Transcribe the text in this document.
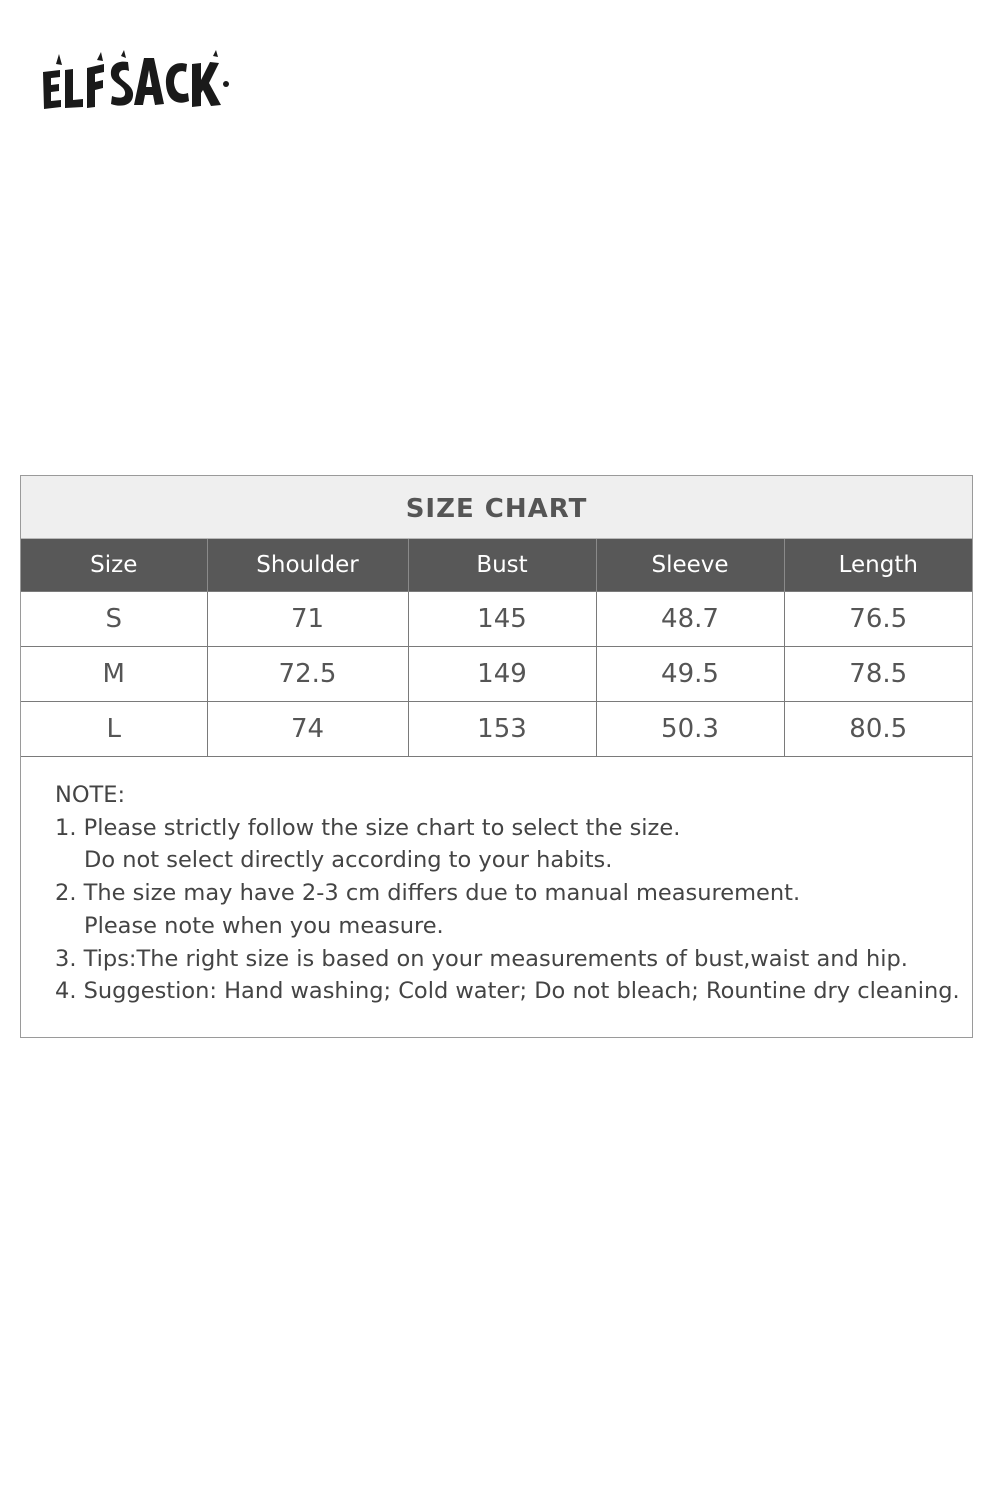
SIZE CHART
Size	Shoulder	Bust	Sleeve	Length
S	71	145	48.7	76.5
M	72.5	149	49.5	78.5
L	74	153	50.3	80.5
NOTE:
1. Please strictly follow the size chart to select the size.
Do not select directly according to your habits.
2. The size may have 2-3 cm differs due to manual measurement.
Please note when you measure.
3. Tips:The right size is based on your measurements of bust,waist and hip.
4. Suggestion: Hand washing; Cold water; Do not bleach; Rountine dry cleaning.
